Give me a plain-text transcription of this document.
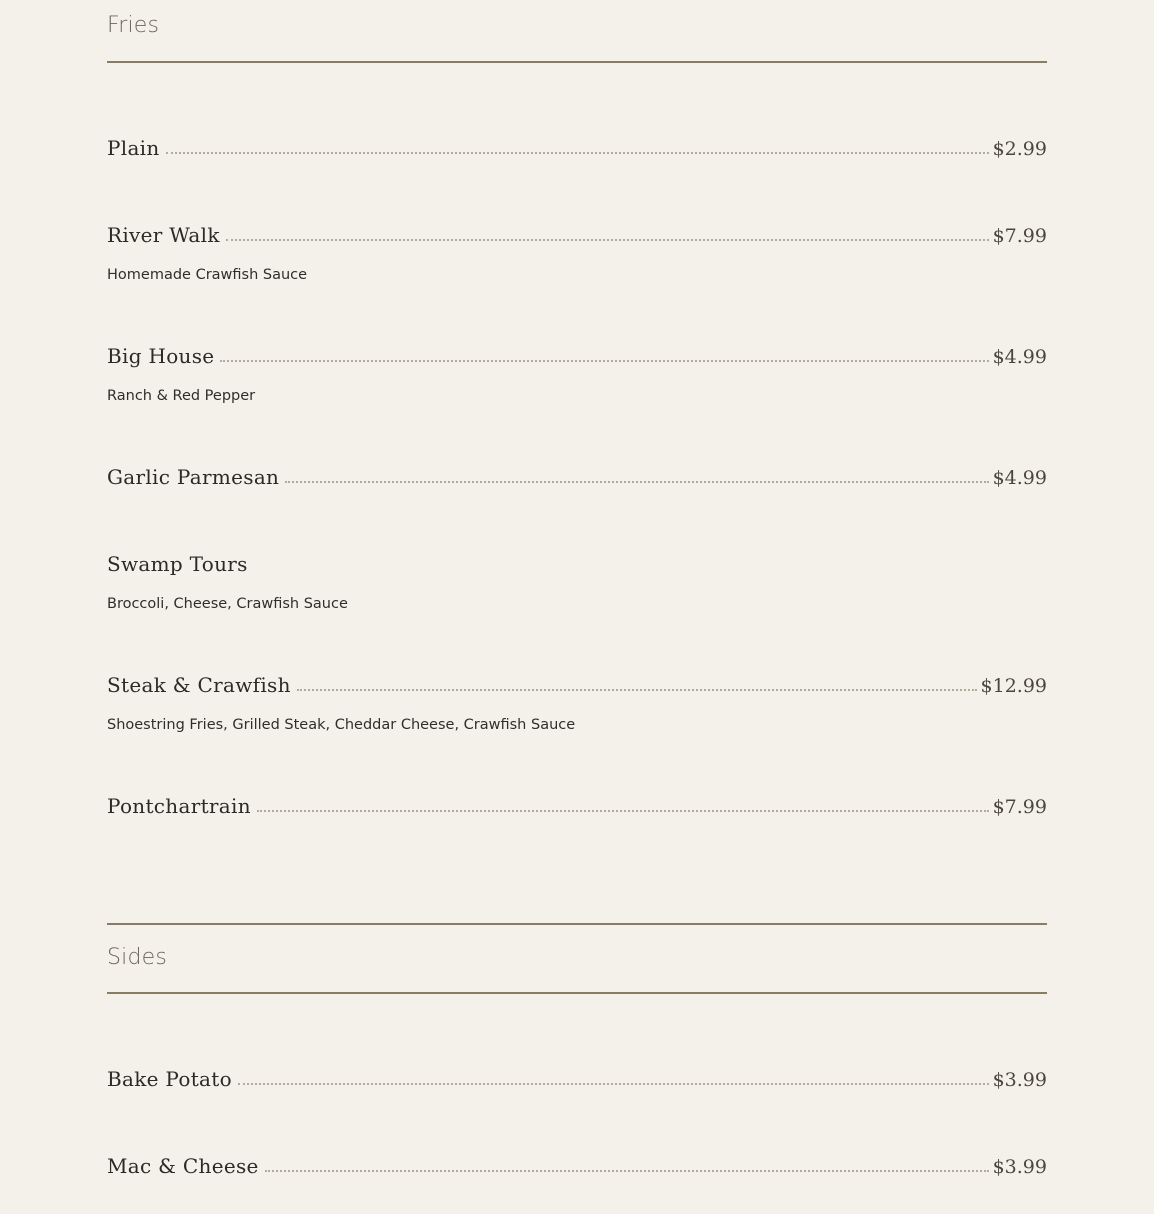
Fries
Plain	$2.99
River Walk	$7.99
Homemade Crawfish Sauce
Big House	$4.99
Ranch & Red Pepper
Garlic Parmesan	$4.99
Swamp Tours
Broccoli, Cheese, Crawfish Sauce
Steak & Crawfish	$12.99
Shoestring Fries, Grilled Steak, Cheddar Cheese, Crawfish Sauce
Pontchartrain	$7.99
Sides
Bake Potato	$3.99
Mac & Cheese	$3.99
